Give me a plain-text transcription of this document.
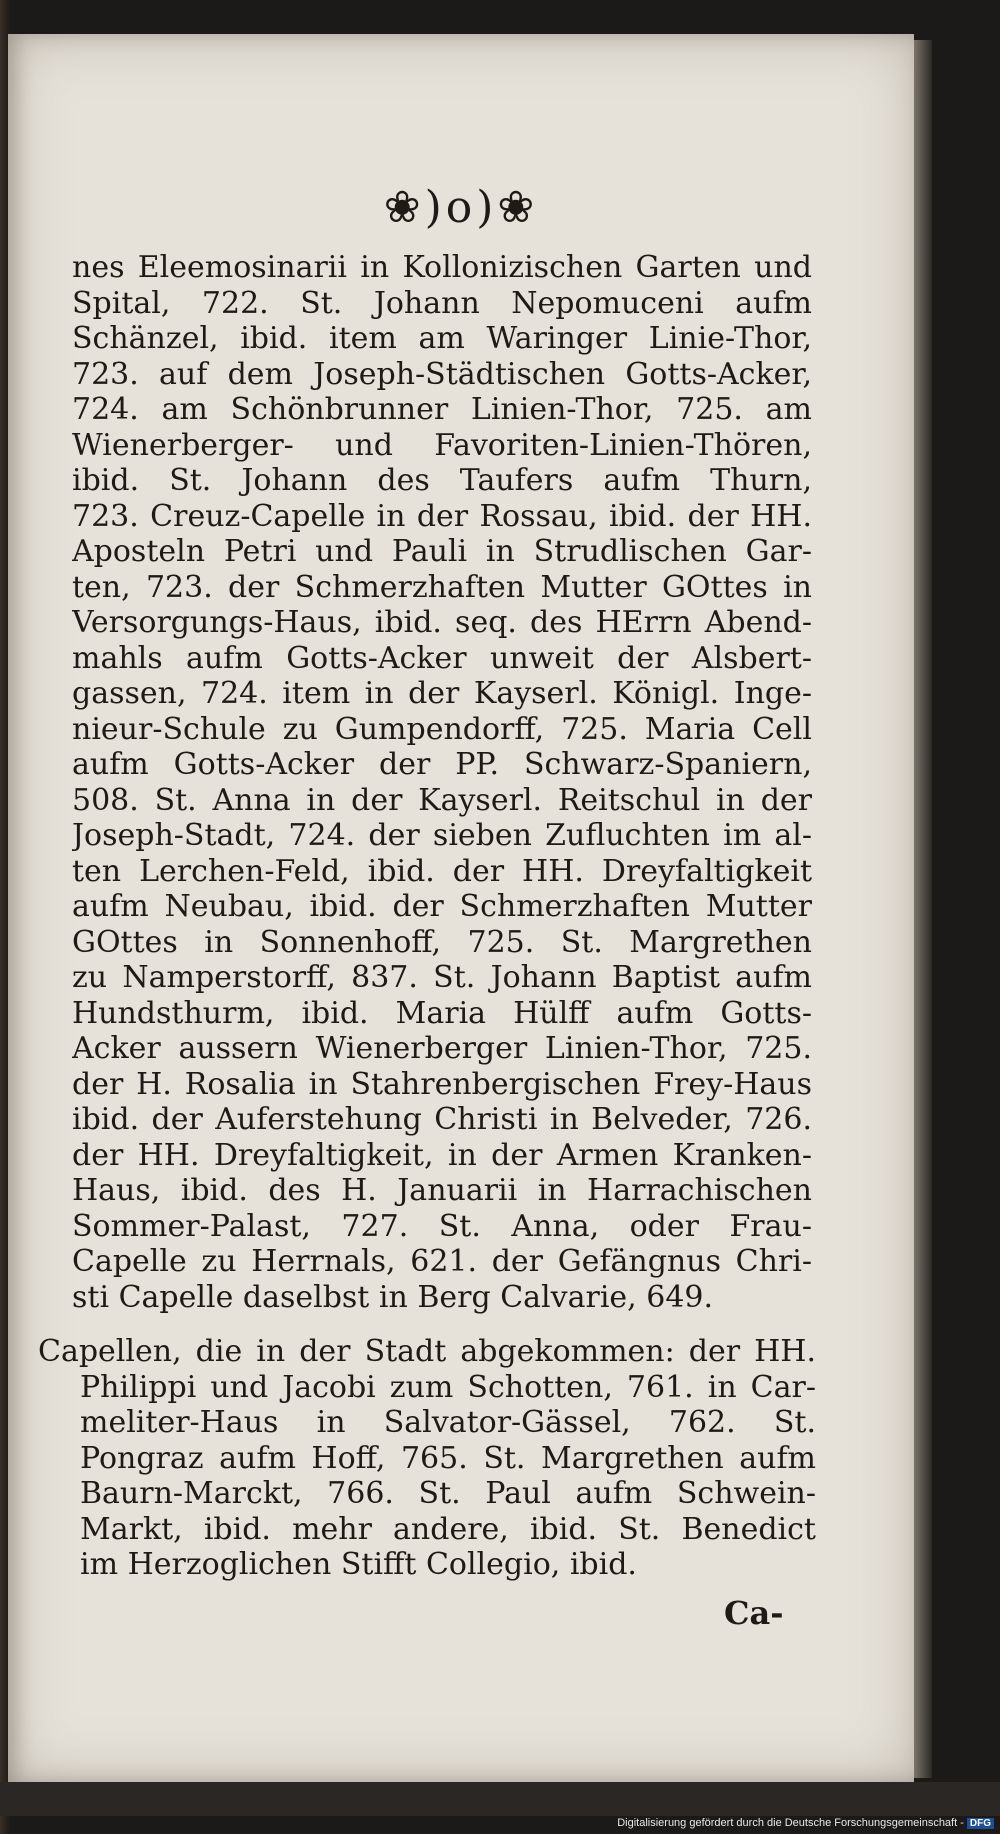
❀)o)❀
nes Eleemosinarii in Kollonizischen Garten und
Spital, 722. St. Johann Nepomuceni aufm
Schänzel, ibid. item am Waringer Linie-Thor,
723. auf dem Joseph-Städtischen Gotts-Acker,
724. am Schönbrunner Linien-Thor, 725. am
Wienerberger- und Favoriten-Linien-Thören,
ibid. St. Johann des Taufers aufm Thurn,
723. Creuz-Capelle in der Rossau, ibid. der HH.
Aposteln Petri und Pauli in Strudlischen Gar-
ten, 723. der Schmerzhaften Mutter GOttes in
Versorgungs-Haus, ibid. seq. des HErrn Abend-
mahls aufm Gotts-Acker unweit der Alsbert-
gassen, 724. item in der Kayserl. Königl. Inge-
nieur-Schule zu Gumpendorff, 725. Maria Cell
aufm Gotts-Acker der PP. Schwarz-Spaniern,
508. St. Anna in der Kayserl. Reitschul in der
Joseph-Stadt, 724. der sieben Zufluchten im al-
ten Lerchen-Feld, ibid. der HH. Dreyfaltigkeit
aufm Neubau, ibid. der Schmerzhaften Mutter
GOttes in Sonnenhoff, 725. St. Margrethen
zu Namperstorff, 837. St. Johann Baptist aufm
Hundsthurm, ibid. Maria Hülff aufm Gotts-
Acker aussern Wienerberger Linien-Thor, 725.
der H. Rosalia in Stahrenbergischen Frey-Haus
ibid. der Auferstehung Christi in Belveder, 726.
der HH. Dreyfaltigkeit, in der Armen Kranken-
Haus, ibid. des H. Januarii in Harrachischen
Sommer-Palast, 727. St. Anna, oder Frau-
Capelle zu Herrnals, 621. der Gefängnus Chri-
sti Capelle daselbst in Berg Calvarie, 649.
Capellen, die in der Stadt abgekommen: der HH.
Philippi und Jacobi zum Schotten, 761. in Car-
meliter-Haus in Salvator-Gässel, 762. St.
Pongraz aufm Hoff, 765. St. Margrethen aufm
Baurn-Marckt, 766. St. Paul aufm Schwein-
Markt, ibid. mehr andere, ibid. St. Benedict
im Herzoglichen Stifft Collegio, ibid.
Ca-
Digitalisierung gefördert durch die Deutsche Forschungsgemeinschaft - DFG
